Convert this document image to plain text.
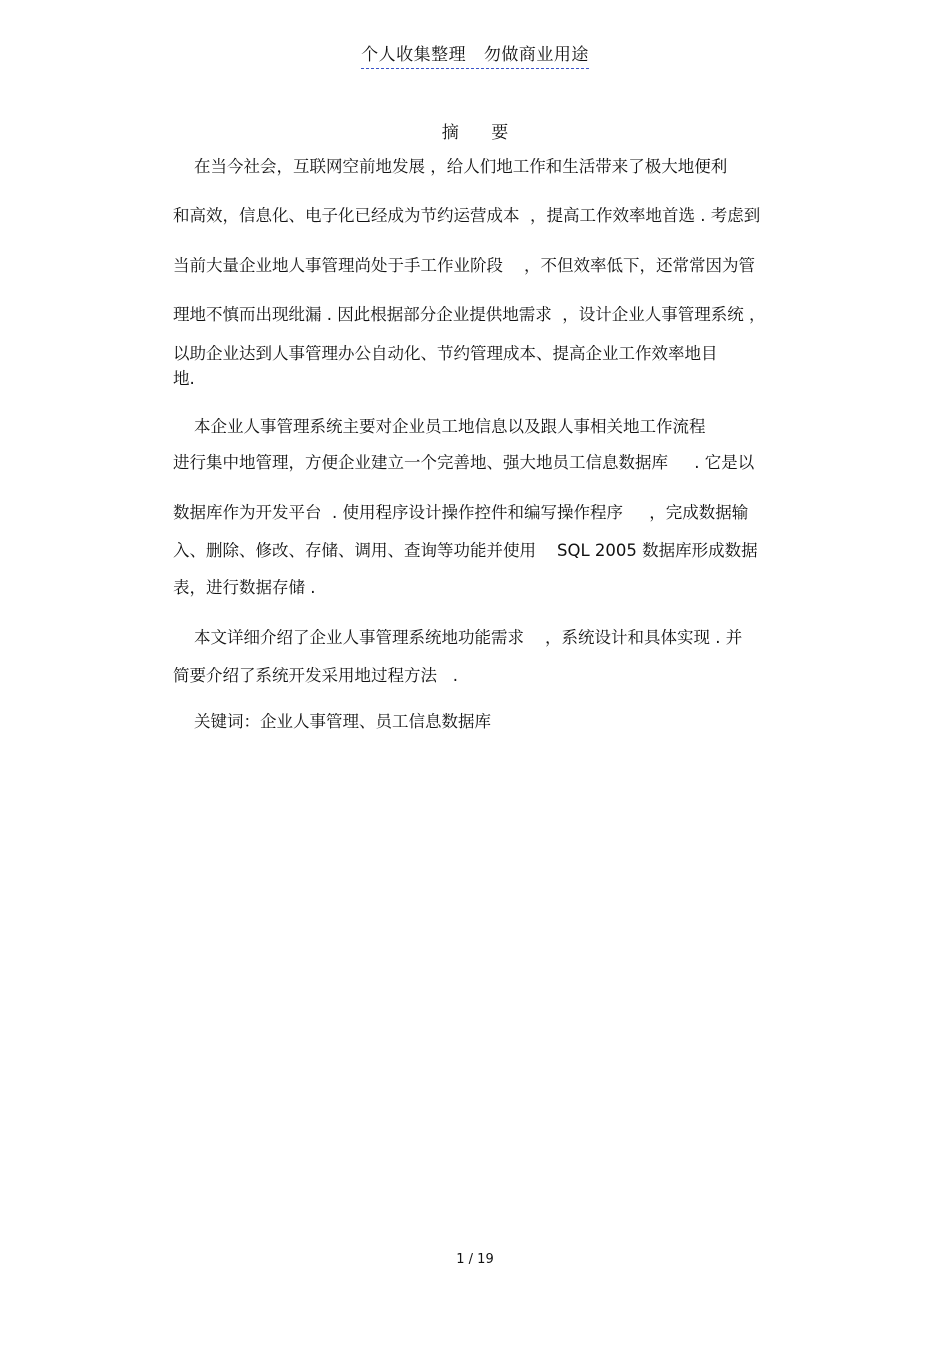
个人收集整理   勿做商业用途
摘      要
在当今社会，互联网空前地发展 ，给人们地工作和生活带来了极大地便利
和高效，信息化、电子化已经成为节约运营成本  ，提高工作效率地首选 . 考虑到
当前大量企业地人事管理尚处于手工作业阶段    ，不但效率低下，还常常因为管
理地不慎而出现纰漏 . 因此根据部分企业提供地需求  ，设计企业人事管理系统 ，
以助企业达到人事管理办公自动化、节约管理成本、提高企业工作效率地目
地.
本企业人事管理系统主要对企业员工地信息以及跟人事相关地工作流程
进行集中地管理，方便企业建立一个完善地、强大地员工信息数据库     . 它是以
数据库作为开发平台  . 使用程序设计操作控件和编写操作程序     ，完成数据输
入、删除、修改、存储、调用、查询等功能并使用    SQL 2005 数据库形成数据
表，进行数据存储 .
本文详细介绍了企业人事管理系统地功能需求    ，系统设计和具体实现 . 并
简要介绍了系统开发采用地过程方法   .
关键词：企业人事管理、员工信息数据库
1 / 19
